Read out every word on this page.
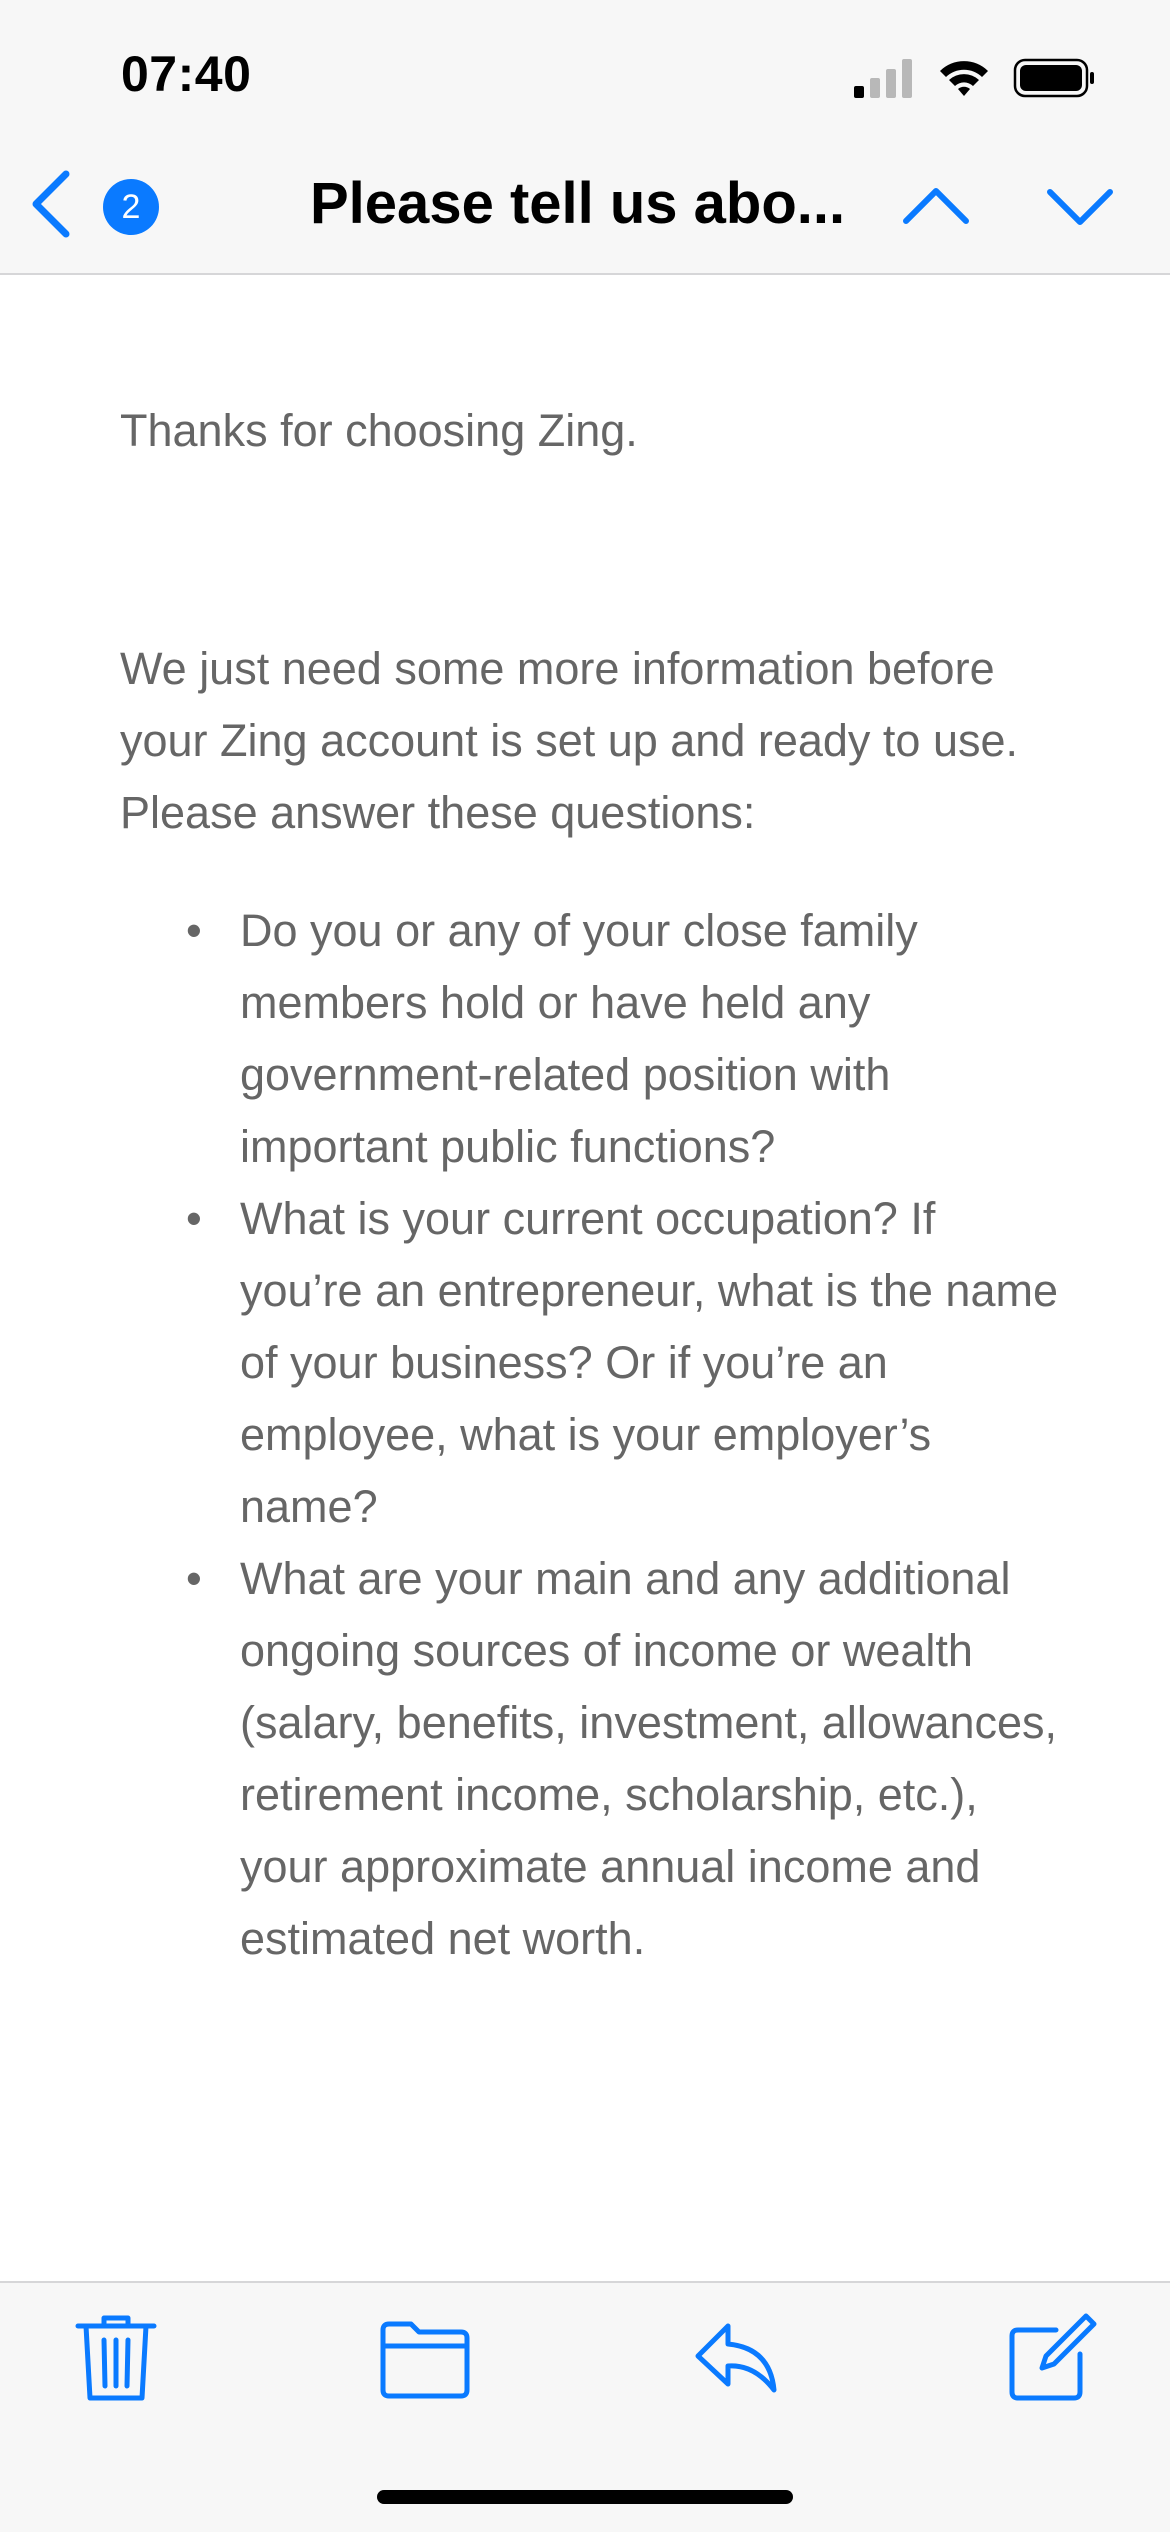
07:40
2	Please tell us abo...

Thanks for choosing Zing.

We just need some more information before your Zing account is set up and ready to use. Please answer these questions:

• Do you or any of your close family members hold or have held any government-related position with important public functions?
• What is your current occupation? If you’re an entrepreneur, what is the name of your business? Or if you’re an employee, what is your employer’s name?
• What are your main and any additional ongoing sources of income or wealth (salary, benefits, investment, allowances, retirement income, scholarship, etc.), your approximate annual income and estimated net worth.
